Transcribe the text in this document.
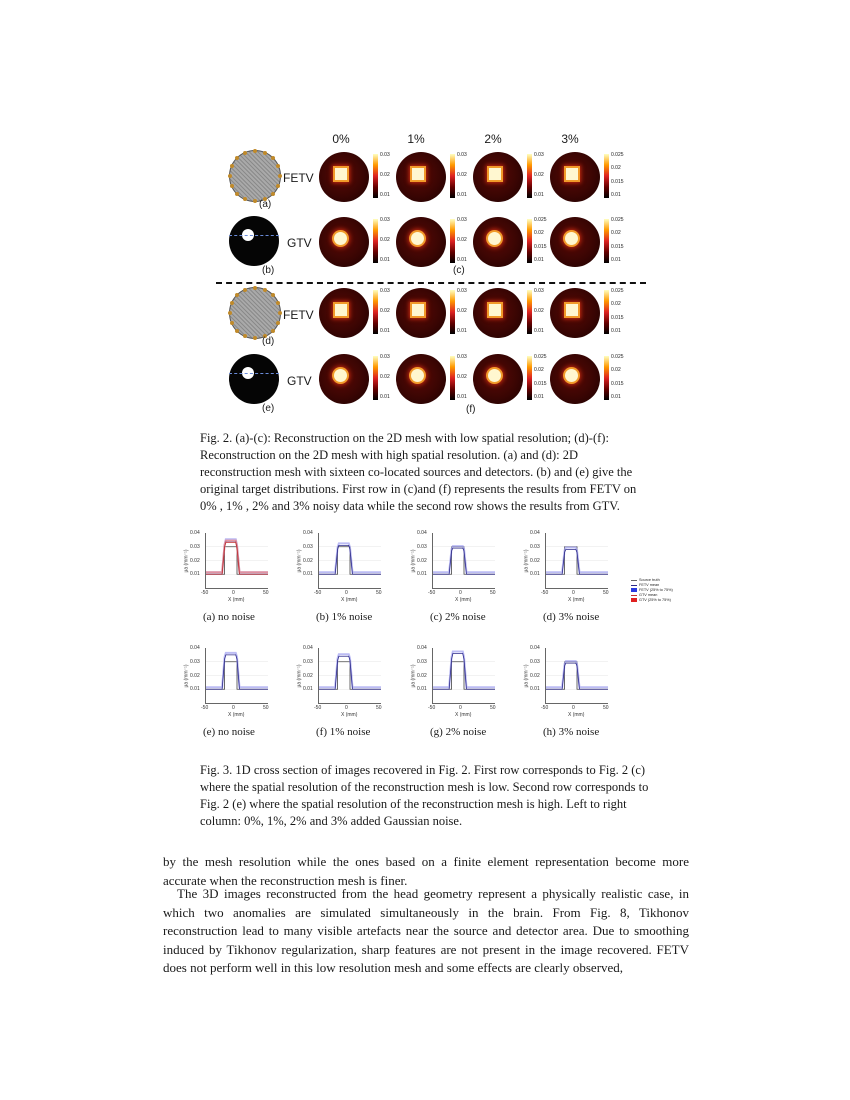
0%	1%	2%	3%
FETV
GTV
FETV
GTV
(a)
(b)	(c)
(d)
(e)	(f)
0.03
0.02
0.01
0.03
0.02
0.01
0.03
0.02
0.01
0.025
0.02
0.015
0.01
0.03
0.02
0.01
0.03
0.02
0.01
0.025
0.02
0.015
0.01
0.025
0.02
0.015
0.01
0.03
0.02
0.01
0.03
0.02
0.01
0.03
0.02
0.01
0.025
0.02
0.015
0.01
0.03
0.02
0.01
0.03
0.02
0.01
0.025
0.02
0.015
0.01
0.025
0.02
0.015
0.01
Fig. 2. (a)-(c): Reconstruction on the 2D mesh with low spatial resolution; (d)-(f): Reconstruction on the 2D mesh with high spatial resolution. (a) and (d): 2D reconstruction mesh with sixteen co-located sources and detectors. (b) and (e) give the original target distributions. First row in (c)and (f) represents the results from FETV on 0% , 1% , 2% and 3% noisy data while the second row shows the results from GTV.
0.04
0.03
0.02
0.01
-50	0	50
X (mm)
μa (mm⁻¹)
(a) no noise
0.04
0.03
0.02
0.01
-50	0	50
X (mm)
μa (mm⁻¹)
(b) 1% noise
0.04
0.03
0.02
0.01
-50	0	50
X (mm)
μa (mm⁻¹)
(c) 2% noise
0.04
0.03
0.02
0.01
-50	0	50
X (mm)
μa (mm⁻¹)
(d) 3% noise
0.04
0.03
0.02
0.01
-50	0	50
X (mm)
μa (mm⁻¹)
(e) no noise
0.04
0.03
0.02
0.01
-50	0	50
X (mm)
μa (mm⁻¹)
(f) 1% noise
0.04
0.03
0.02
0.01
-50	0	50
X (mm)
μa (mm⁻¹)
(g) 2% noise
0.04
0.03
0.02
0.01
-50	0	50
X (mm)
μa (mm⁻¹)
(h) 3% noise
Source truth
FETV mean
FETV (25% to 75%)
GTV mean
GTV (25% to 75%)
Fig. 3. 1D cross section of images recovered in Fig. 2. First row corresponds to Fig. 2 (c) where the spatial resolution of the reconstruction mesh is low. Second row corresponds to Fig. 2 (e) where the spatial resolution of the reconstruction mesh is high. Left to right column: 0%, 1%, 2% and 3% added Gaussian noise.
by the mesh resolution while the ones based on a finite element representation become more accurate when the reconstruction mesh is finer.
The 3D images reconstructed from the head geometry represent a physically realistic case, in which two anomalies are simulated simultaneously in the brain. From Fig. 8, Tikhonov reconstruction lead to many visible artefacts near the source and detector area. Due to smoothing induced by Tikhonov regularization, sharp features are not present in the image recovered. FETV does not perform well in this low resolution mesh and some effects are clearly observed,
